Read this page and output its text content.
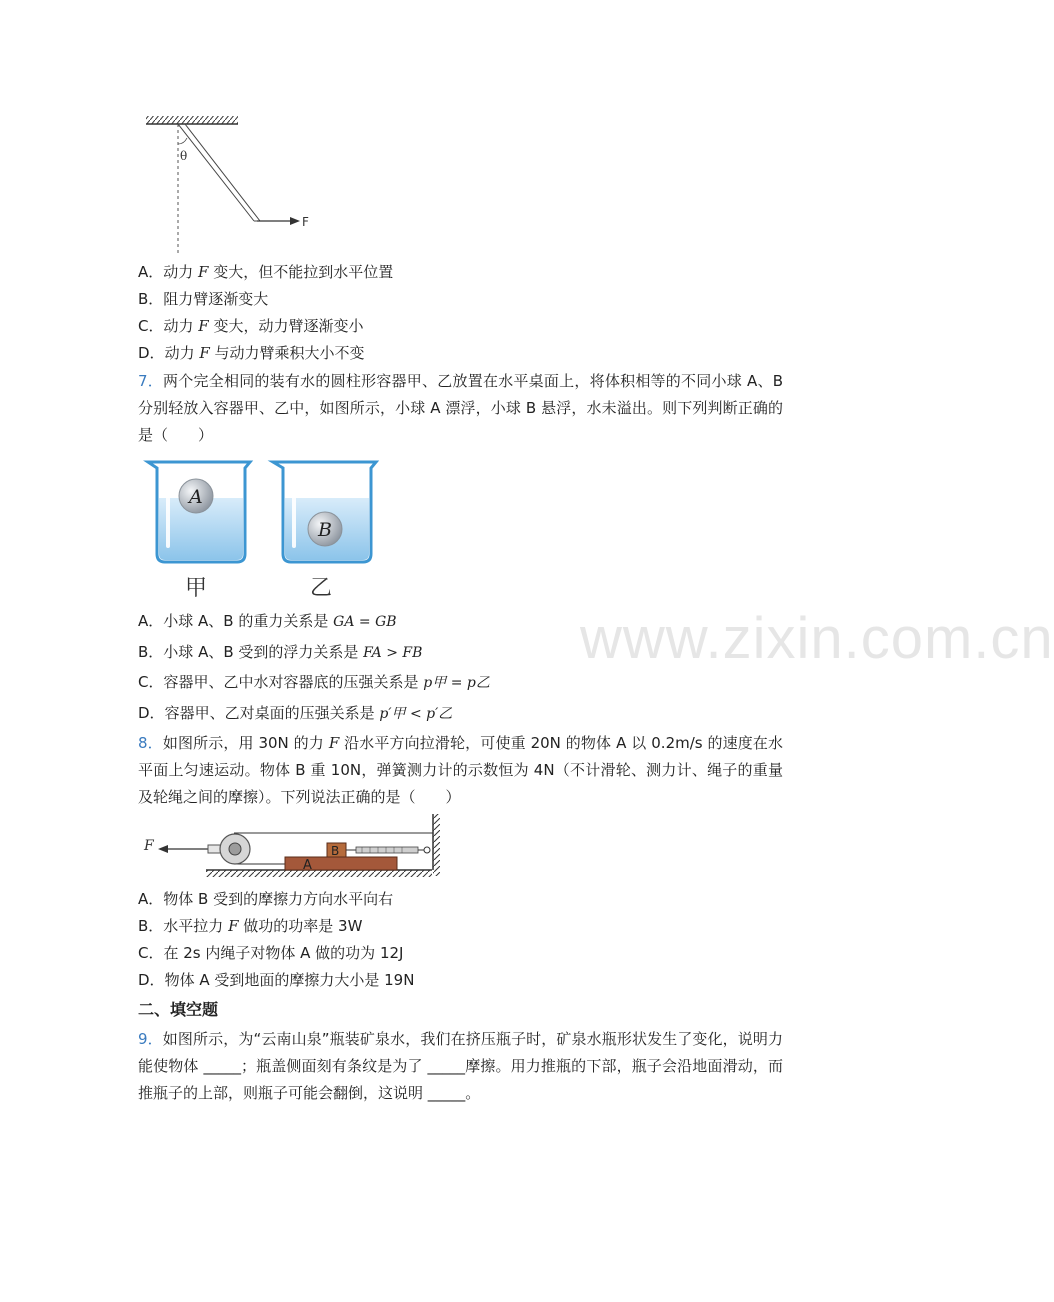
θ
F
A．动力 F 变大，但不能拉到水平位置
B．阻力臂逐渐变大
C．动力 F 变大，动力臂逐渐变小
D．动力 F 与动力臂乘积大小不变
7．两个完全相同的装有水的圆柱形容器甲、乙放置在水平桌面上，将体积相等的不同小球 A、B 分别轻放入容器甲、乙中，如图所示，小球 A 漂浮，小球 B 悬浮，水未溢出。则下列判断正确的是（　　）
A
B
甲	乙
A．小球 A、B 的重力关系是 GA = GB
B．小球 A、B 受到的浮力关系是 FA > FB
C．容器甲、乙中水对容器底的压强关系是 p甲 = p乙
D．容器甲、乙对桌面的压强关系是 p′甲 < p′乙
8．如图所示，用 30N 的力 F 沿水平方向拉滑轮，可使重 20N 的物体 A 以 0.2m/s 的速度在水平面上匀速运动。物体 B 重 10N，弹簧测力计的示数恒为 4N（不计滑轮、测力计、绳子的重量及轮绳之间的摩擦）。下列说法正确的是（　　）
F
A
B
A．物体 B 受到的摩擦力方向水平向右
B．水平拉力 F 做功的功率是 3W
C．在 2s 内绳子对物体 A 做的功为 12J
D．物体 A 受到地面的摩擦力大小是 19N
二、填空题
9．如图所示，为“云南山泉”瓶装矿泉水，我们在挤压瓶子时，矿泉水瓶形状发生了变化，说明力能使物体 _____；瓶盖侧面刻有条纹是为了 _____摩擦。用力推瓶的下部，瓶子会沿地面滑动，而推瓶子的上部，则瓶子可能会翻倒，这说明 _____。
www.zixin.com.cn
